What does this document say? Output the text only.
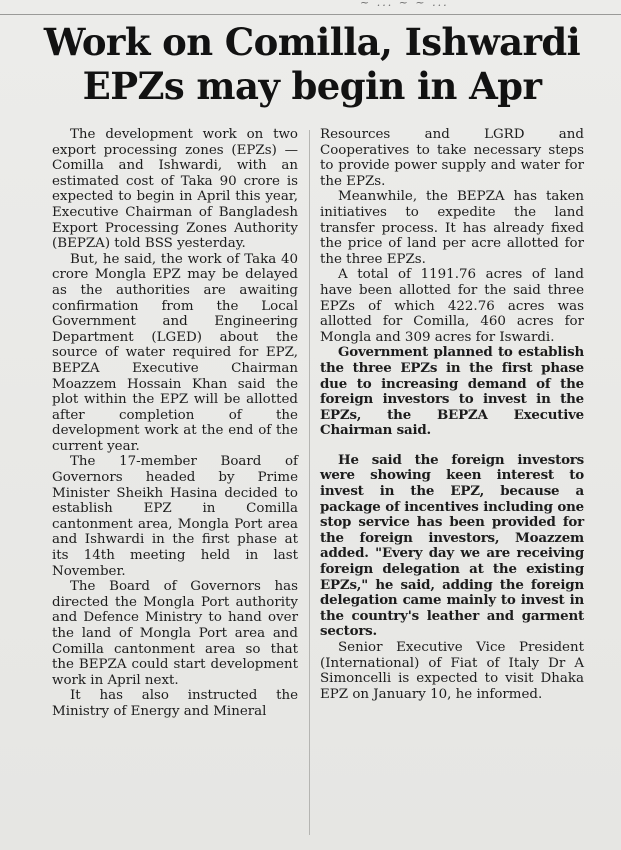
~ ... ~ ~ ...
Work on Comilla, Ishwardi
EPZs may begin in Apr

The development work on two export processing zones (EPZs) — Comilla and Ishwardi, with an estimated cost of Taka 90 crore is expected to begin in April this year, Executive Chairman of Bangladesh Export Processing Zones Authority (BEPZA) told BSS yesterday.

But, he said, the work of Taka 40 crore Mongla EPZ may be delayed as the authorities are awaiting confirmation from the Local Government and Engineering Department (LGED) about the source of water required for EPZ, BEPZA Executive Chairman Moazzem Hossain Khan said the plot within the EPZ will be allotted after completion of the development work at the end of the current year.

The 17-member Board of Governors headed by Prime Minister Sheikh Hasina decided to establish EPZ in Comilla cantonment area, Mongla Port area and Ishwardi in the first phase at its 14th meeting held in last November.

The Board of Governors has directed the Mongla Port authority and Defence Ministry to hand over the land of Mongla Port area and Comilla cantonment area so that the BEPZA could start development work in April next.

It has also instructed the Ministry of Energy and Mineral

Resources and LGRD and Cooperatives to take necessary steps to provide power supply and water for the EPZs.

Meanwhile, the BEPZA has taken initiatives to expedite the land transfer process. It has already fixed the price of land per acre allotted for the three EPZs.

A total of 1191.76 acres of land have been allotted for the said three EPZs of which 422.76 acres was allotted for Comilla, 460 acres for Mongla and 309 acres for Iswardi.

Government planned to establish the three EPZs in the first phase due to increasing demand of the foreign investors to invest in the EPZs, the BEPZA Executive Chairman said.

He said the foreign investors were showing keen interest to invest in the EPZ, because a package of incentives including one stop service has been provided for the foreign investors, Moazzem added. "Every day we are receiving foreign delegation at the existing EPZs," he said, adding the foreign delegation came mainly to invest in the country's leather and garment sectors.

Senior Executive Vice President (International) of Fiat of Italy Dr A Simoncelli is expected to visit Dhaka EPZ on January 10, he informed.
